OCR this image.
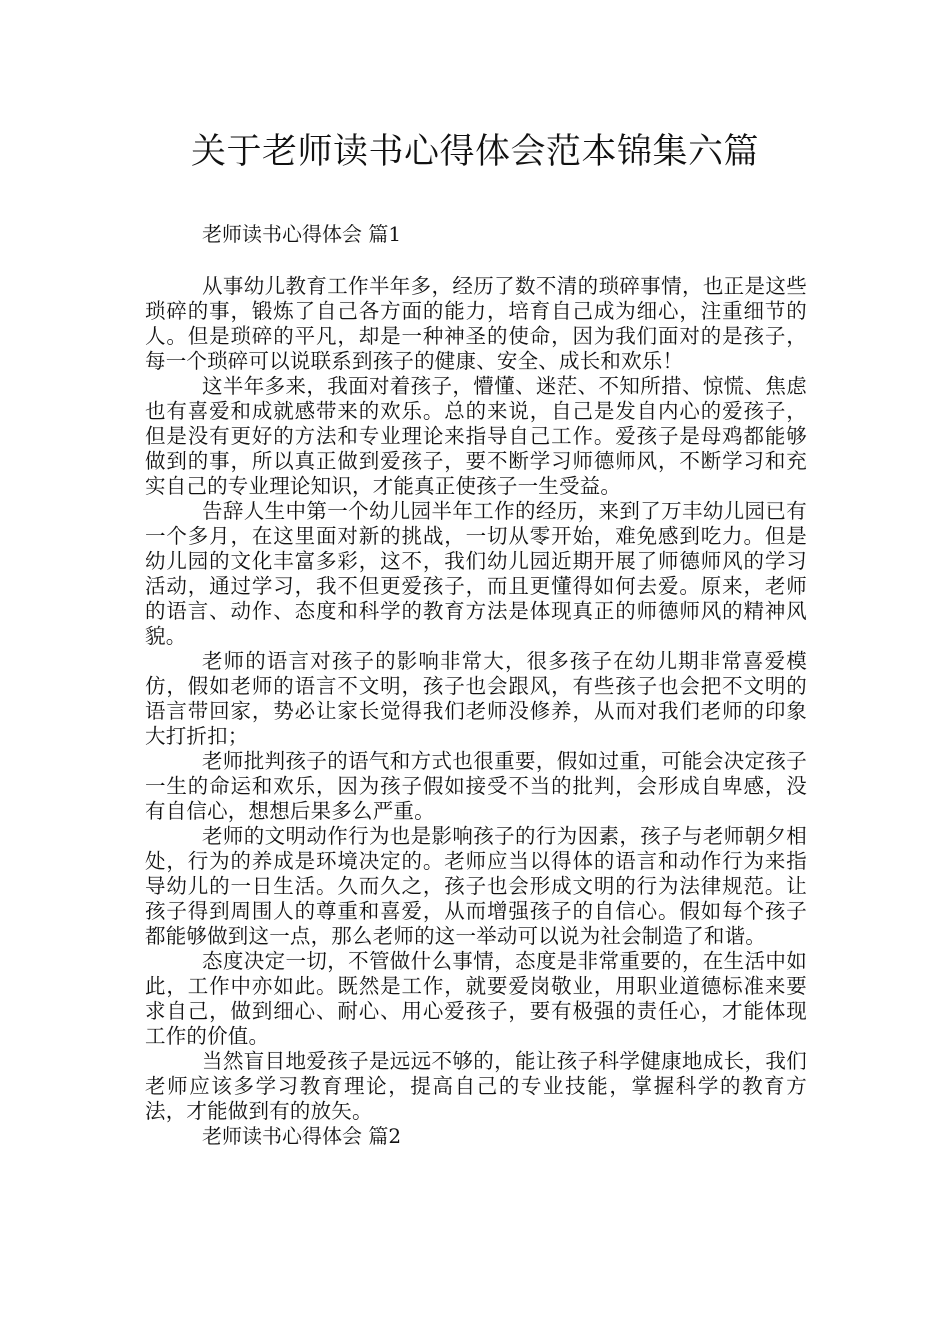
关于老师读书心得体会范本锦集六篇
老师读书心得体会 篇1

从事幼儿教育工作半年多，经历了数不清的琐碎事情，也正是这些琐碎的事，锻炼了自己各方面的能力，培育自己成为细心，注重细节的人。但是琐碎的平凡，却是一种神圣的使命，因为我们面对的是孩子，每一个琐碎可以说联系到孩子的健康、安全、成长和欢乐！

这半年多来，我面对着孩子，懵懂、迷茫、不知所措、惊慌、焦虑也有喜爱和成就感带来的欢乐。总的来说，自己是发自内心的爱孩子，但是没有更好的方法和专业理论来指导自己工作。爱孩子是母鸡都能够做到的事，所以真正做到爱孩子，要不断学习师德师风，不断学习和充实自己的专业理论知识，才能真正使孩子一生受益。

告辞人生中第一个幼儿园半年工作的经历，来到了万丰幼儿园已有一个多月，在这里面对新的挑战，一切从零开始，难免感到吃力。但是幼儿园的文化丰富多彩，这不，我们幼儿园近期开展了师德师风的学习活动，通过学习，我不但更爱孩子，而且更懂得如何去爱。原来，老师的语言、动作、态度和科学的教育方法是体现真正的师德师风的精神风貌。

老师的语言对孩子的影响非常大，很多孩子在幼儿期非常喜爱模仿，假如老师的语言不文明，孩子也会跟风，有些孩子也会把不文明的语言带回家，势必让家长觉得我们老师没修养，从而对我们老师的印象大打折扣；

老师批判孩子的语气和方式也很重要，假如过重，可能会决定孩子一生的命运和欢乐，因为孩子假如接受不当的批判，会形成自卑感，没有自信心，想想后果多么严重。

老师的文明动作行为也是影响孩子的行为因素，孩子与老师朝夕相处，行为的养成是环境决定的。老师应当以得体的语言和动作行为来指导幼儿的一日生活。久而久之，孩子也会形成文明的行为法律规范。让孩子得到周围人的尊重和喜爱，从而增强孩子的自信心。假如每个孩子都能够做到这一点，那么老师的这一举动可以说为社会制造了和谐。

态度决定一切，不管做什么事情，态度是非常重要的，在生活中如此，工作中亦如此。既然是工作，就要爱岗敬业，用职业道德标准来要求自己，做到细心、耐心、用心爱孩子，要有极强的责任心，才能体现工作的价值。

当然盲目地爱孩子是远远不够的，能让孩子科学健康地成长，我们老师应该多学习教育理论，提高自己的专业技能，掌握科学的教育方法，才能做到有的放矢。

老师读书心得体会 篇2
